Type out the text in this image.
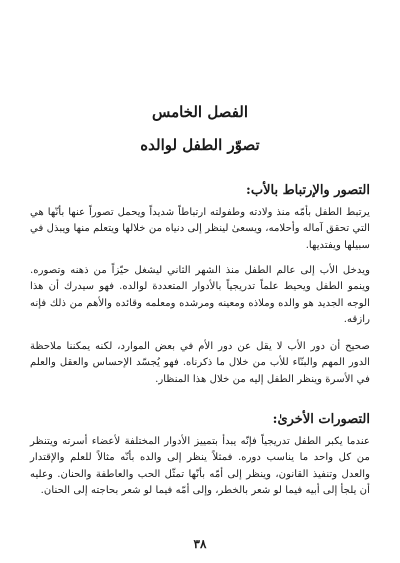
الفصل الخامس
تصوّر الطفل لوالده
التصور والإرتباط بالأب:

يرتبط الطفل بأمّه منذ ولادته وطفولته ارتباطاً شديداً ويحمل تصوراً عنها بأنّها هي التي تحقق آماله وأحلامه، ويسعىٰ لينظر إلى دنياه من خلالها ويتعلم منها ويبذل في سبيلها ويفتديها.

ويدخل الأب إلى عالم الطفل منذ الشهر الثاني ليشغل حيّزاً من ذهنه وتصوره. وينمو الطفل ويحيط علماً تدريجياً بالأدوار المتعددة لوالده. فهو سيدرك أن هذا الوجه الجديد هو والده وملاذه ومعينه ومرشده ومعلمه وقائده والأهم من ذلك فإنه رازقه.

صحيح أن دور الأب لا يقل عن دور الأم في بعض الموارد، لكنه يمكننا ملاحظة الدور المهم والبنّاء للأب من خلال ما ذكرناه. فهو يُجسّد الإحساس والعقل والعلم في الأسرة وينظر الطفل إليه من خلال هذا المنظار.

التصورات الأخرىٰ:

عندما يكبر الطفل تدريجياً فإنّه يبدأ بتمييز الأدوار المختلفة لأعضاء أسرته ويتنظر من كل واحد ما يناسب دوره. فمثلاً ينظر إلى والده بأنّه مثالاً للعلم والإقتدار والعدل وتنفيذ القانون، وينظر إلى أمّه بأنّها تمثّل الحب والعاطفة والحنان. وعليه أن يلجأ إلى أبيه فيما لو شعر بالخطر، وإلى أمّه فيما لو شعر بحاجته إلى الحنان.

٣٨
